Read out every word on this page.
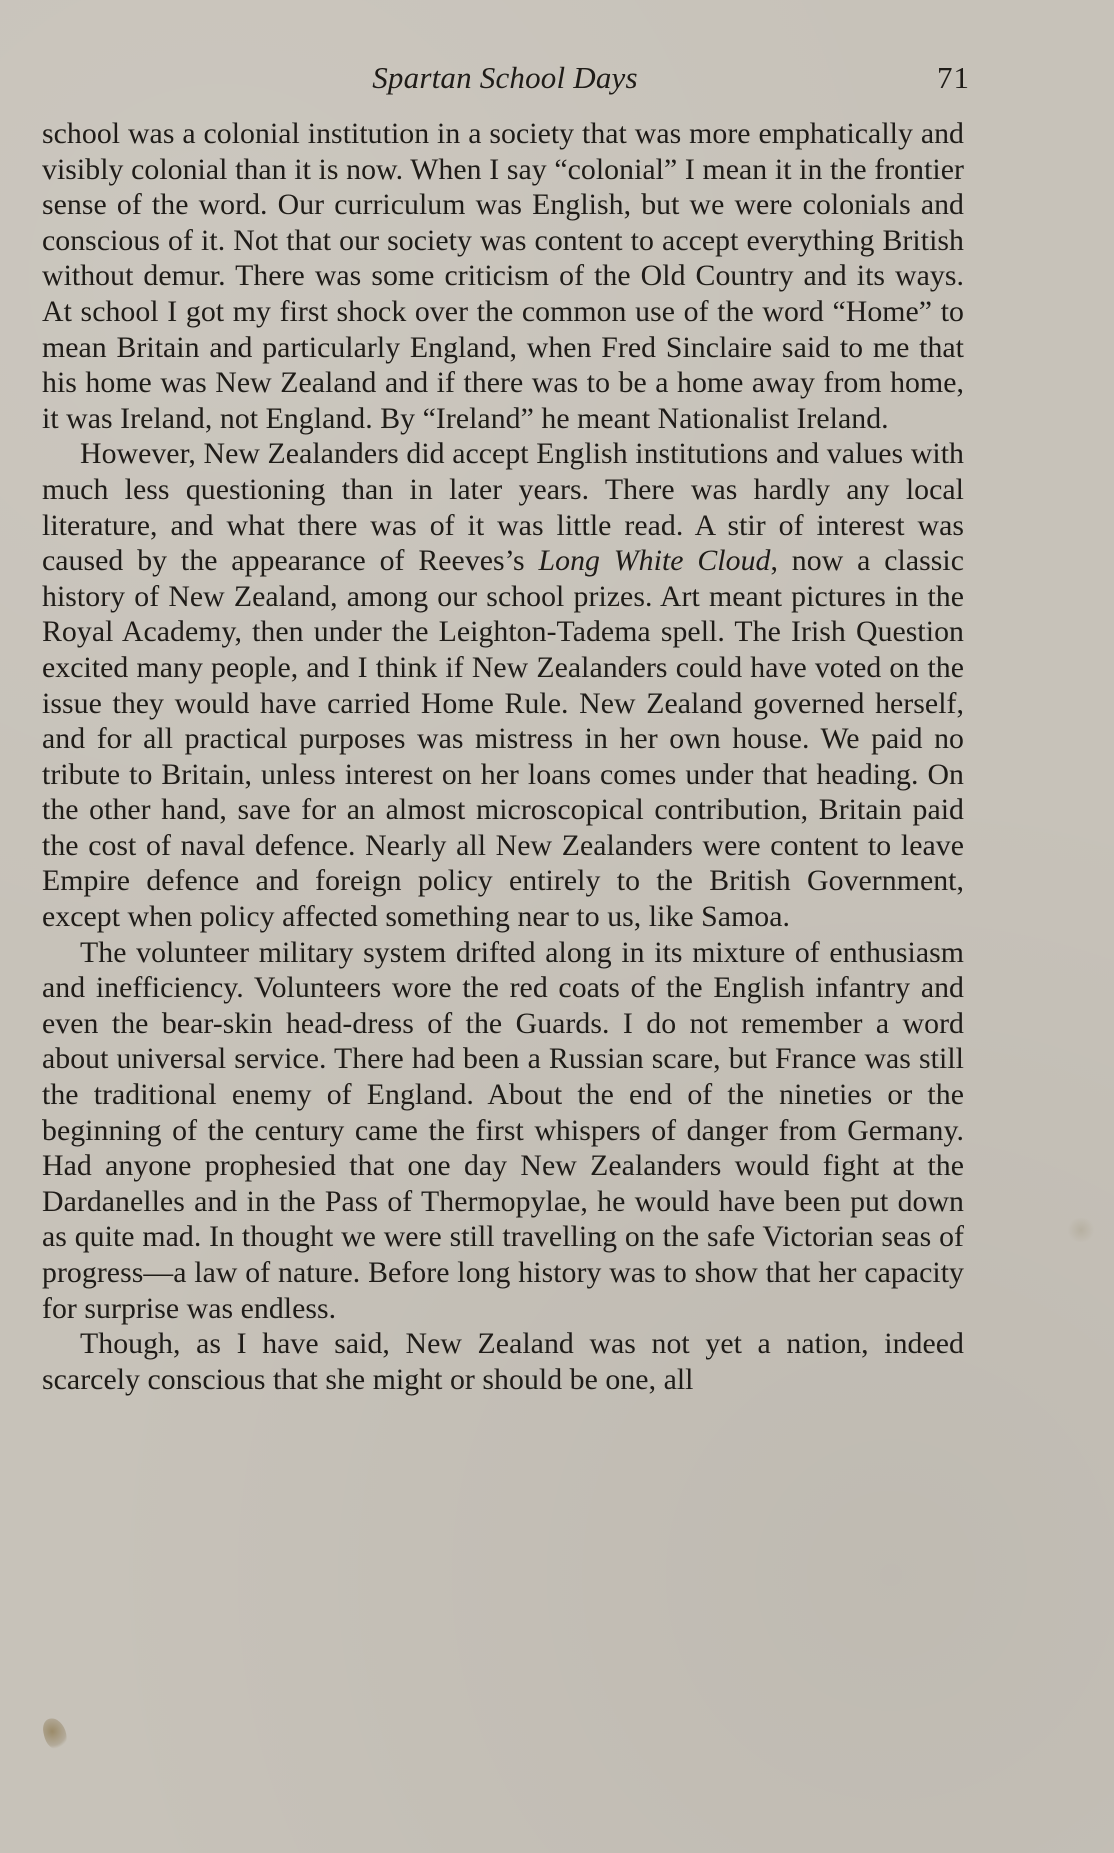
Spartan School Days	71

school was a colonial institution in a society that was more emphatically and visibly colonial than it is now. When I say “colonial” I mean it in the frontier sense of the word. Our curriculum was English, but we were colonials and conscious of it. Not that our society was content to accept everything British without demur. There was some criticism of the Old Country and its ways. At school I got my first shock over the common use of the word “Home” to mean Britain and particularly England, when Fred Sinclaire said to me that his home was New Zealand and if there was to be a home away from home, it was Ireland, not England. By “Ireland” he meant Nationalist Ireland.

However, New Zealanders did accept English institutions and values with much less questioning than in later years. There was hardly any local literature, and what there was of it was little read. A stir of interest was caused by the appearance of Reeves’s Long White Cloud, now a classic history of New Zealand, among our school prizes. Art meant pictures in the Royal Academy, then under the Leighton-Tadema spell. The Irish Question excited many people, and I think if New Zealanders could have voted on the issue they would have carried Home Rule. New Zealand governed herself, and for all practical purposes was mistress in her own house. We paid no tribute to Britain, unless interest on her loans comes under that heading. On the other hand, save for an almost microscopical contribution, Britain paid the cost of naval defence. Nearly all New Zealanders were content to leave Empire defence and foreign policy entirely to the British Government, except when policy affected something near to us, like Samoa.

The volunteer military system drifted along in its mixture of enthusiasm and inefficiency. Volunteers wore the red coats of the English infantry and even the bear-skin head-dress of the Guards. I do not remember a word about universal service. There had been a Russian scare, but France was still the traditional enemy of England. About the end of the nineties or the beginning of the century came the first whispers of danger from Germany. Had anyone prophesied that one day New Zealanders would fight at the Dardanelles and in the Pass of Thermopylae, he would have been put down as quite mad. In thought we were still travelling on the safe Victorian seas of progress—a law of nature. Before long history was to show that her capacity for surprise was endless.

Though, as I have said, New Zealand was not yet a nation, indeed scarcely conscious that she might or should be one, all
